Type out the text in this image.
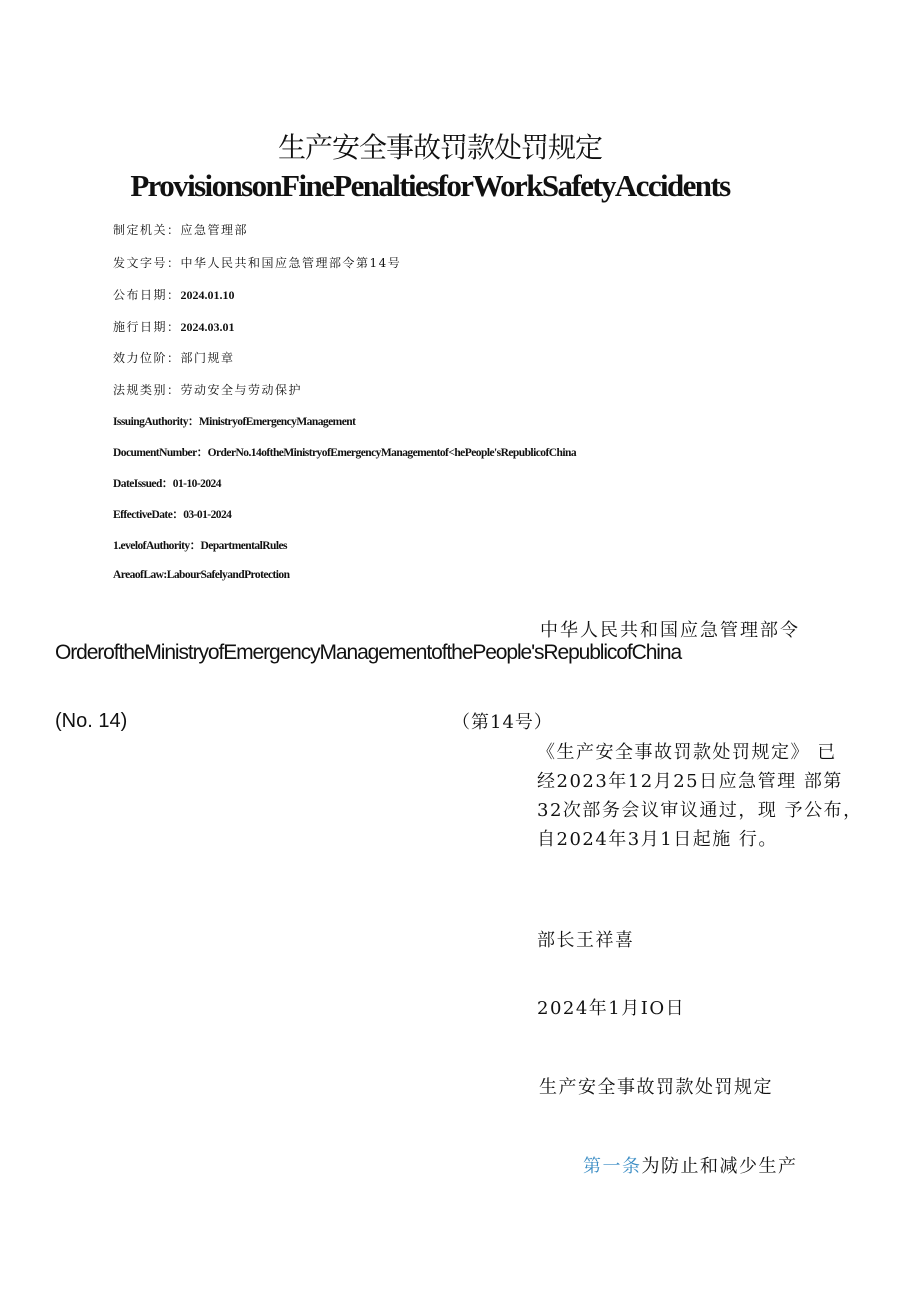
生产安全事故罚款处罚规定
ProvisionsonFinePenaltiesforWorkSafetyAccidents
制定机关：应急管理部
发文字号：中华人民共和国应急管理部令第14号
公布日期：2024.01.10
施行日期：2024.03.01
效力位阶：部门规章
法规类别：劳动安全与劳动保护
IssuingAuthority：MinistryofEmergencyManagement
DocumentNumber：OrderNo.14oftheMinistryofEmergencyManagementof<hePeople'sRepublicofChina
DateIssued：01-10-2024
EffectiveDate：03-01-2024
1.evelofAuthority：DepartmentalRules
AreaofLaw:LabourSafelyandProtection
中华人民共和国应急管理部令
OrderoftheMinistryofEmergencyManagementofthePeople'sRepublicofChina
(No. 14)	（第14号）
《生产安全事故罚款处罚规定》 已
经2023年12月25日应急管理 部第
32次部务会议审议通过，现 予公布，
自2024年3月1日起施 行。
部长王祥喜
2024年1月IO日
生产安全事故罚款处罚规定
第一条为防止和减少生产
